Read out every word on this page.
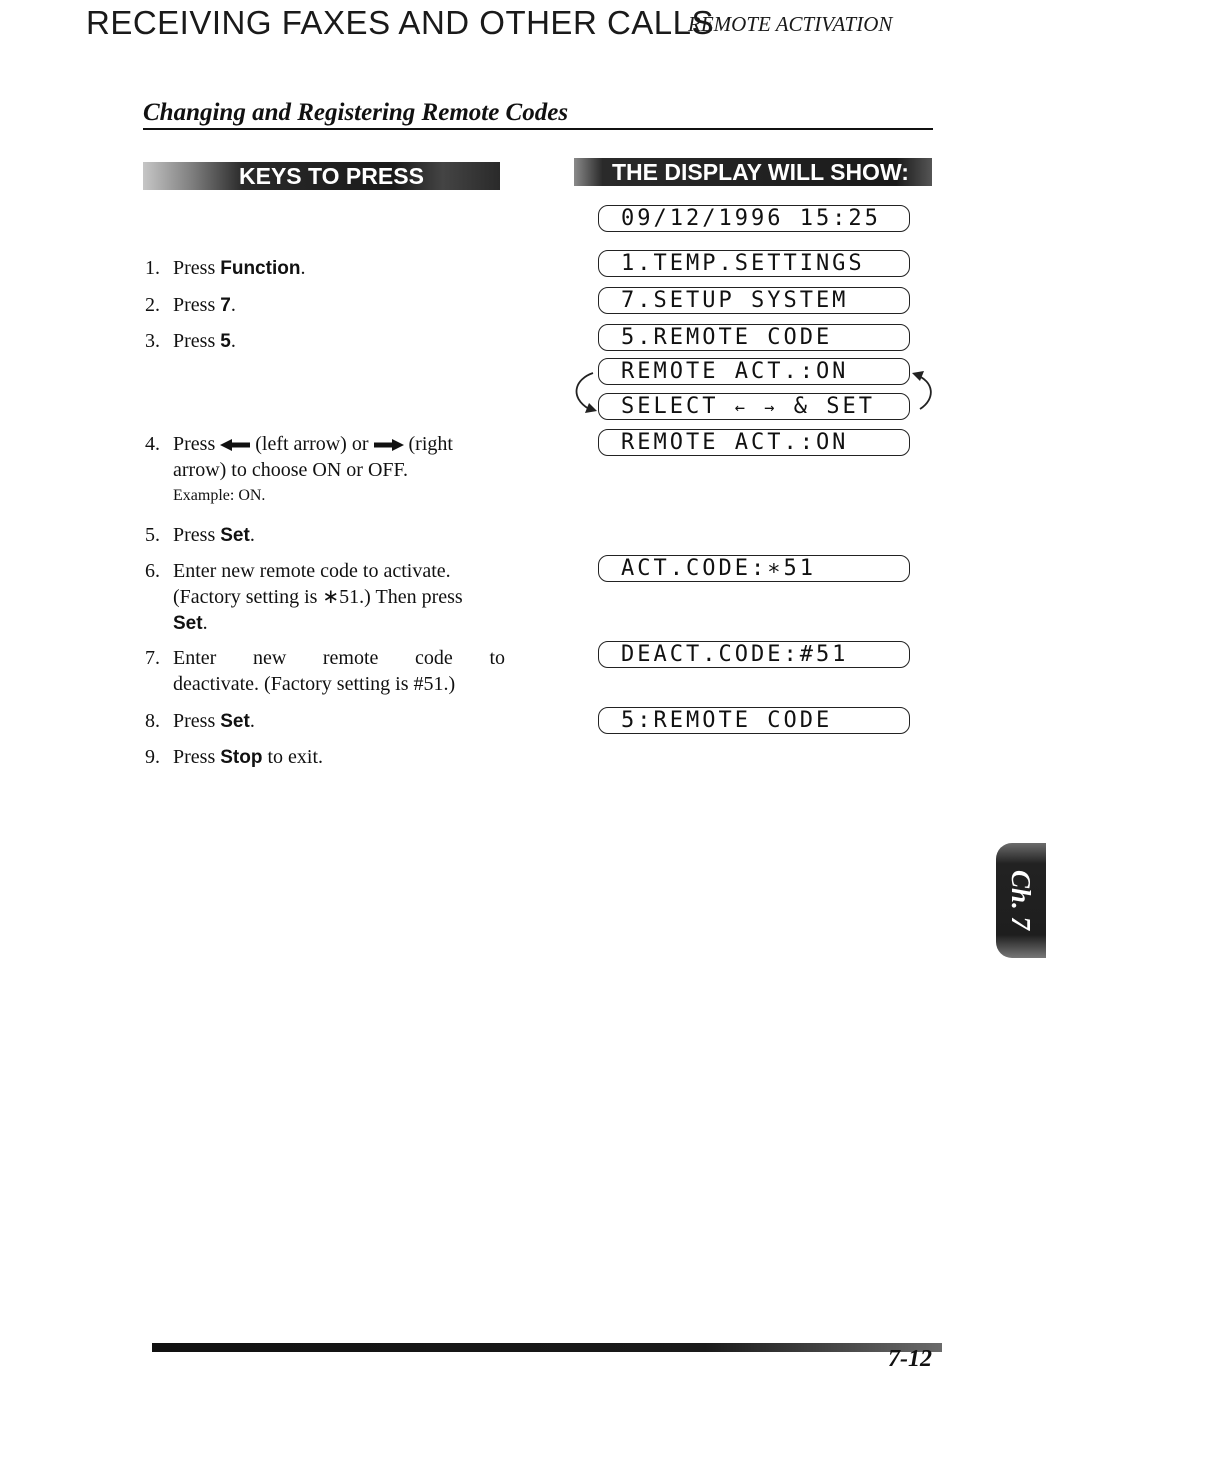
RECEIVING FAXES AND OTHER CALLS
REMOTE ACTIVATION
Changing and Registering Remote Codes
KEYS TO PRESS	THE DISPLAY WILL SHOW:
1. Press Function.
2. Press 7.
3. Press 5.
4. Press  (left arrow) or  (right
arrow) to choose ON or OFF.
Example: ON.
5. Press Set.
6. Enter new remote code to activate.
(Factory setting is ∗51.) Then press
Set.
7. Enter new remote code to
deactivate. (Factory setting is #51.)
8. Press Set.
9. Press Stop to exit.
09/12/1996 15:25
1.TEMP.SETTINGS
7.SETUP SYSTEM
5.REMOTE CODE
REMOTE ACT.:ON
SELECT ← → & SET
REMOTE ACT.:ON
ACT.CODE:∗51
DEACT.CODE:#51
5:REMOTE CODE
Ch. 7
7-12
